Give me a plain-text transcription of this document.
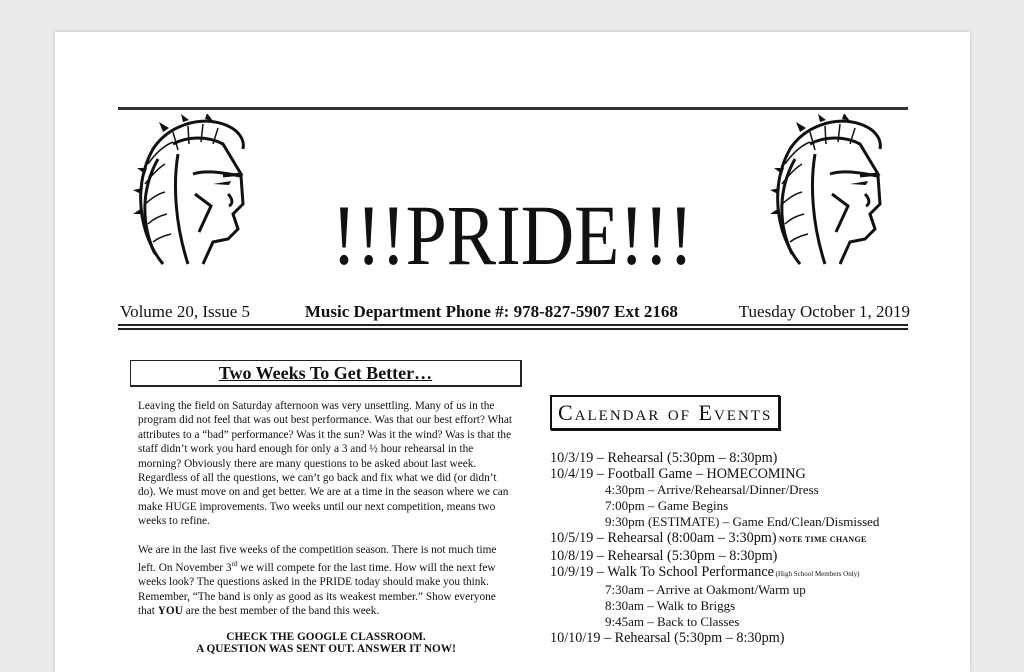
!!!PRIDE!!!
Volume 20, Issue 5	Music Department Phone #: 978-827-5907 Ext 2168	Tuesday October 1, 2019
Two Weeks To Get Better…

Leaving the field on Saturday afternoon was very unsettling. Many of us in the program did not feel that was out best performance. Was that our best effort? What attributes to a “bad” performance? Was it the sun? Was it the wind? Was is that the staff didn’t work you hard enough for only a 3 and ½ hour rehearsal in the morning? Obviously there are many questions to be asked about last week. Regardless of all the questions, we can’t go back and fix what we did (or didn’t do). We must move on and get better. We are at a time in the season where we can make HUGE improvements. Two weeks until our next competition, means two weeks to refine.

We are in the last five weeks of the competition season. There is not much time left. On November 3rd we will compete for the last time. How will the next few weeks look? The questions asked in the PRIDE today should make you think. Remember, “The band is only as good as its weakest member.” Show everyone that YOU are the best member of the band this week.

CHECK THE GOOGLE CLASSROOM.
A QUESTION WAS SENT OUT. ANSWER IT NOW!
Calendar of Events
10/3/19 – Rehearsal (5:30pm – 8:30pm)
10/4/19 – Football Game – HOMECOMING
4:30pm – Arrive/Rehearsal/Dinner/Dress
7:00pm – Game Begins
9:30pm (ESTIMATE) – Game End/Clean/Dismissed
10/5/19 – Rehearsal (8:00am – 3:30pm) NOTE TIME CHANGE
10/8/19 – Rehearsal (5:30pm – 8:30pm)
10/9/19 – Walk To School Performance (High School Members Only)
7:30am – Arrive at Oakmont/Warm up
8:30am – Walk to Briggs
9:45am – Back to Classes
10/10/19 – Rehearsal (5:30pm – 8:30pm)
